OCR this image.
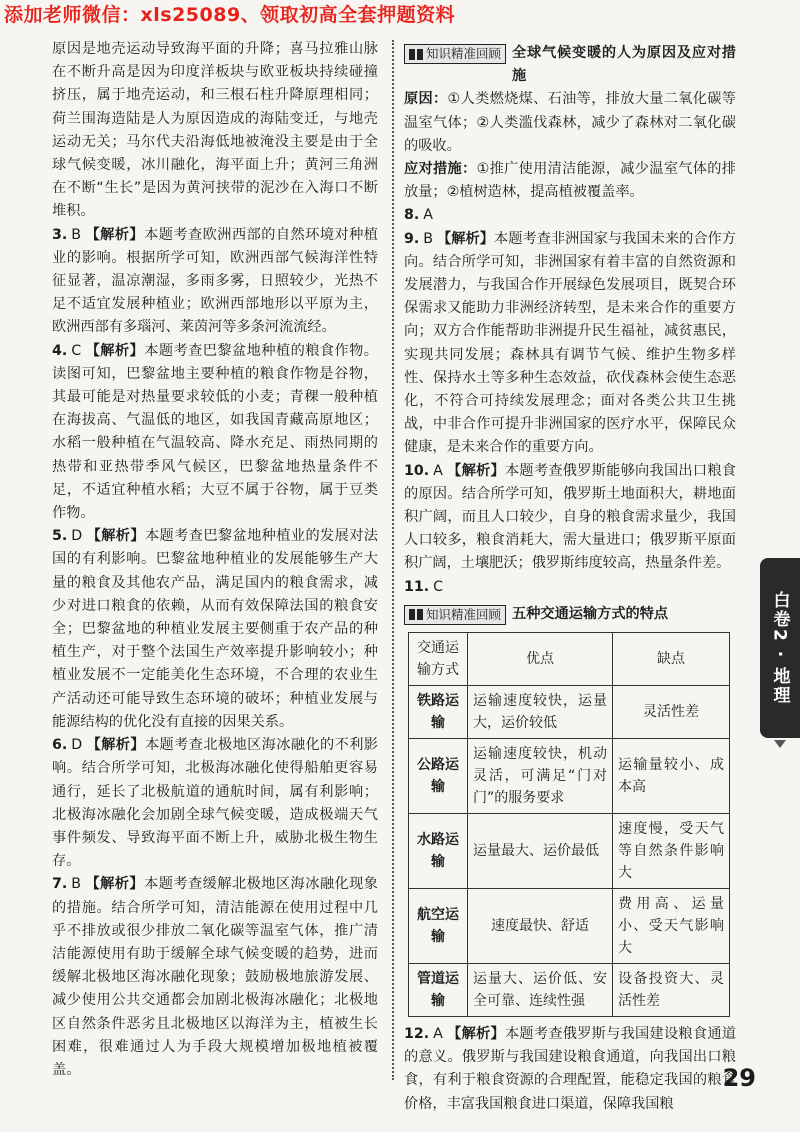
添加老师微信：xls25089、领取初高全套押题资料

原因是地壳运动导致海平面的升降；喜马拉雅山脉在不断升高是因为印度洋板块与欧亚板块持续碰撞挤压，属于地壳运动，和三根石柱升降原理相同；荷兰围海造陆是人为原因造成的海陆变迁，与地壳运动无关；马尔代夫沿海低地被淹没主要是由于全球气候变暖，冰川融化，海平面上升；黄河三角洲在不断“生长”是因为黄河挟带的泥沙在入海口不断堆积。

3. B 【解析】本题考查欧洲西部的自然环境对种植业的影响。根据所学可知，欧洲西部气候海洋性特征显著，温凉潮湿，多雨多雾，日照较少，光热不足不适宜发展种植业；欧洲西部地形以平原为主，欧洲西部有多瑙河、莱茵河等多条河流流经。

4. C 【解析】本题考查巴黎盆地种植的粮食作物。读图可知，巴黎盆地主要种植的粮食作物是谷物，其最可能是对热量要求较低的小麦；青稞一般种植在海拔高、气温低的地区，如我国青藏高原地区；水稻一般种植在气温较高、降水充足、雨热同期的热带和亚热带季风气候区，巴黎盆地热量条件不足，不适宜种植水稻；大豆不属于谷物，属于豆类作物。

5. D 【解析】本题考查巴黎盆地种植业的发展对法国的有利影响。巴黎盆地种植业的发展能够生产大量的粮食及其他农产品，满足国内的粮食需求，减少对进口粮食的依赖，从而有效保障法国的粮食安全；巴黎盆地的种植业发展主要侧重于农产品的种植生产，对于整个法国生产效率提升影响较小；种植业发展不一定能美化生态环境，不合理的农业生产活动还可能导致生态环境的破坏；种植业发展与能源结构的优化没有直接的因果关系。

6. D 【解析】本题考查北极地区海冰融化的不利影响。结合所学可知，北极海冰融化使得船舶更容易通行，延长了北极航道的通航时间，属有利影响；北极海冰融化会加剧全球气候变暖，造成极端天气事件频发、导致海平面不断上升，威胁北极生物生存。

7. B 【解析】本题考查缓解北极地区海冰融化现象的措施。结合所学可知，清洁能源在使用过程中几乎不排放或很少排放二氧化碳等温室气体，推广清洁能源使用有助于缓解全球气候变暖的趋势，进而缓解北极地区海冰融化现象；鼓励极地旅游发展、减少使用公共交通都会加剧北极海冰融化；北极地区自然条件恶劣且北极地区以海洋为主，植被生长困难，很难通过人为手段大规模增加极地植被覆盖。

知识精准回顾 全球气候变暖的人为原因及应对措施

原因：①人类燃烧煤、石油等，排放大量二氧化碳等温室气体；②人类滥伐森林，减少了森林对二氧化碳的吸收。

应对措施：①推广使用清洁能源，减少温室气体的排放量；②植树造林，提高植被覆盖率。

8. A

9. B 【解析】本题考查非洲国家与我国未来的合作方向。结合所学可知，非洲国家有着丰富的自然资源和发展潜力，与我国合作开展绿色发展项目，既契合环保需求又能助力非洲经济转型，是未来合作的重要方向；双方合作能帮助非洲提升民生福祉，减贫惠民，实现共同发展；森林具有调节气候、维护生物多样性、保持水土等多种生态效益，砍伐森林会使生态恶化，不符合可持续发展理念；面对各类公共卫生挑战，中非合作可提升非洲国家的医疗水平，保障民众健康，是未来合作的重要方向。

10. A 【解析】本题考查俄罗斯能够向我国出口粮食的原因。结合所学可知，俄罗斯土地面积大，耕地面积广阔，而且人口较少，自身的粮食需求量少，我国人口较多，粮食消耗大，需大量进口；俄罗斯平原面积广阔，土壤肥沃；俄罗斯纬度较高，热量条件差。

11. C

知识精准回顾 五种交通运输方式的特点
交通运输方式	优点	缺点
铁路运输	运输速度较快，运量大，运价较低	灵活性差
公路运输	运输速度较快，机动灵活，可满足“门对门”的服务要求	运输量较小、成本高
水路运输	运量最大、运价最低	速度慢，受天气等自然条件影响大
航空运输	速度最快、舒适	费用高、运量小、受天气影响大
管道运输	运量大、运价低、安全可靠、连续性强	设备投资大、灵活性差

12. A 【解析】本题考查俄罗斯与我国建设粮食通道的意义。俄罗斯与我国建设粮食通道，向我国出口粮食，有利于粮食资源的合理配置，能稳定我国的粮食价格，丰富我国粮食进口渠道，保障我国粮

白卷2 · 地理
29
